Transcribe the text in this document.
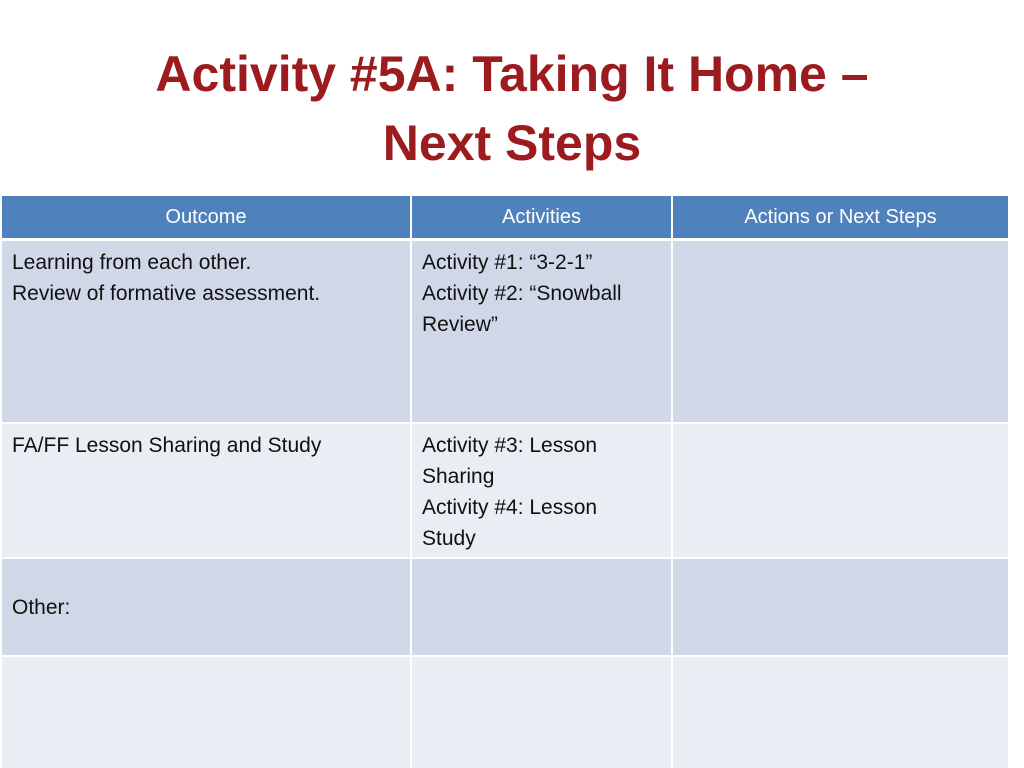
Activity #5A: Taking It Home –
Next Steps
Outcome	Activities	Actions or Next Steps

Learning from each other.
Review of formative assessment.	Activity #1: “3-2-1”
Activity #2: “Snowball
Review”	

FA/FF Lesson Sharing and Study	Activity #3: Lesson
Sharing
Activity #4: Lesson
Study	

Other:		
